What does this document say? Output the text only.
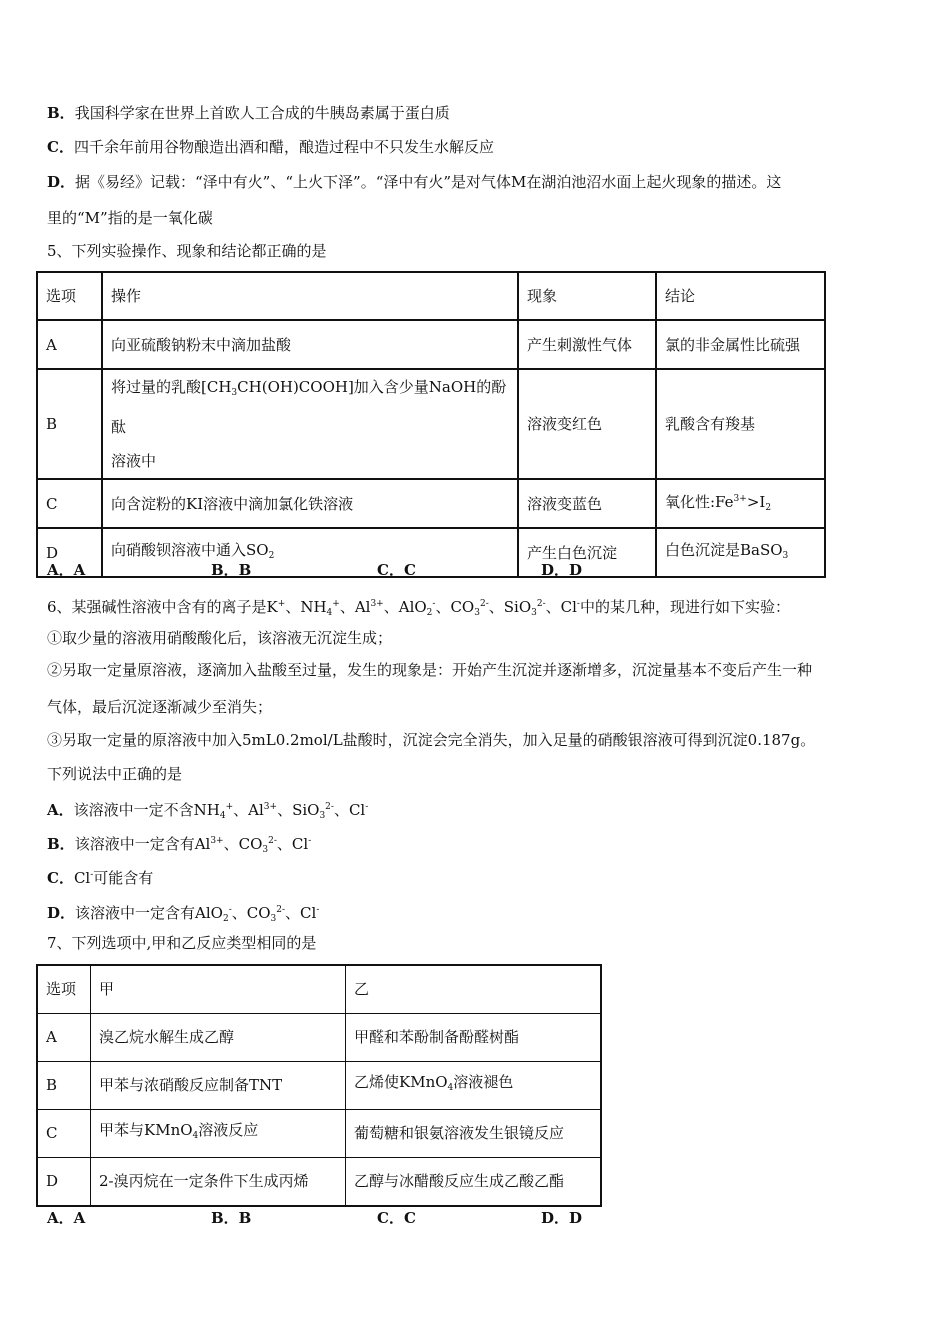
B．我国科学家在世界上首欧人工合成的牛胰岛素属于蛋白质
C．四千余年前用谷物酿造出酒和醋，酿造过程中不只发生水解反应
D．据《易经》记载：“泽中有火”、“上火下泽”。“泽中有火”是对气体M在湖泊池沼水面上起火现象的描述。这
里的“M”指的是一氧化碳
5、下列实验操作、现象和结论都正确的是
选项	操作	现象	结论
A	向亚硫酸钠粉末中滴加盐酸	产生刺激性气体	氯的非金属性比硫强
B	将过量的乳酸$[CH_3CH(OH)COOH]$加入含少量NaOH的酚酞
溶液中	溶液变红色	乳酸含有羧基
C	向含淀粉的KI溶液中滴加氯化铁溶液	溶液变蓝色	氧化性$:Fe^{3+}>I_2$
D	向硝酸钡溶液中通入$SO_2$	产生白色沉淀	白色沉淀是BaSO$_3$
A．A	B．B	C．C	D．D
6、某强碱性溶液中含有的离子是K+、$NH_4^+$、$Al^{3+}$、AlO$_2$-、$CO_3^{2-}$、SiO$_3^{2-}$、Cl-中的某几种，现进行如下实验：
①取少量的溶液用硝酸酸化后，该溶液无沉淀生成；
②另取一定量原溶液，逐滴加入盐酸至过量，发生的现象是：开始产生沉淀并逐渐增多，沉淀量基本不变后产生一种
气体，最后沉淀逐渐减少至消失；
③另取一定量的原溶液中加入5mL0.2mol/L盐酸时，沉淀会完全消失，加入足量的硝酸银溶液可得到沉淀0.187g。
下列说法中正确的是
A．该溶液中一定不含$NH_4^+$、$Al^{3+}$、SiO$_3^{2-}$、Cl-
B．该溶液中一定含有$Al^{3+}$、$CO_3^{2-}$、Cl-
C．Cl-可能含有
D．该溶液中一定含有AlO$_2$-、$CO_3^{2-}$、Cl-
7、下列选项中,甲和乙反应类型相同的是
选项	甲	乙
A	溴乙烷水解生成乙醇	甲醛和苯酚制备酚醛树酯
B	甲苯与浓硝酸反应制备TNT	乙烯使KMnO$_4$溶液褪色
C	甲苯与KMnO$_4$溶液反应	葡萄糖和银氨溶液发生银镜反应
D	2-溴丙烷在一定条件下生成丙烯	乙醇与冰醋酸反应生成乙酸乙酯
A．A	B．B	C．C	D．D
